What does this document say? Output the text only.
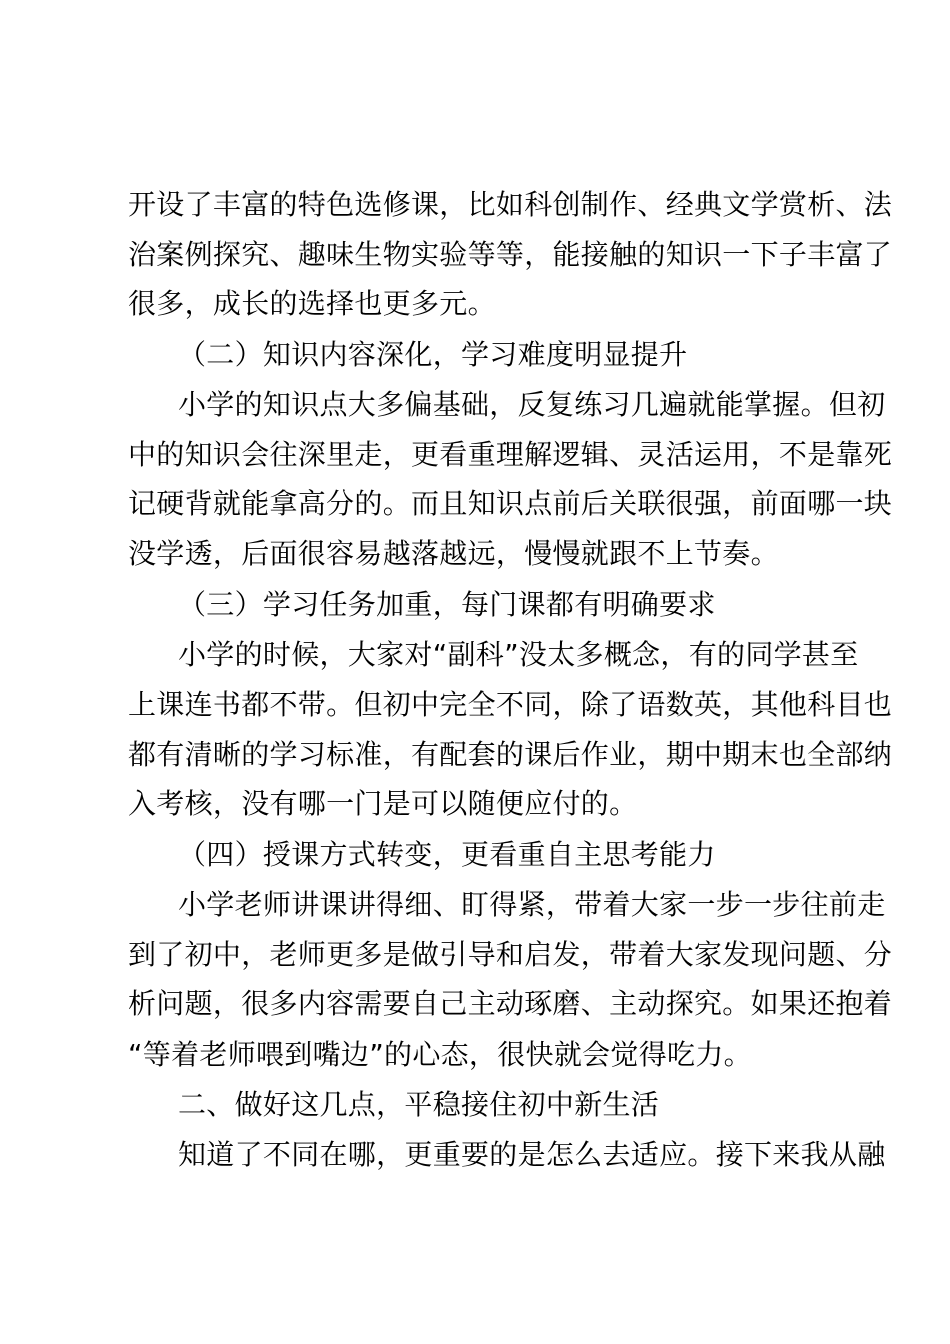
开设了丰富的特色选修课，比如科创制作、经典文学赏析、法
治案例探究、趣味生物实验等等，能接触的知识一下子丰富了
很多，成长的选择也更多元。
（二）知识内容深化，学习难度明显提升
小学的知识点大多偏基础，反复练习几遍就能掌握。但初
中的知识会往深里走，更看重理解逻辑、灵活运用，不是靠死
记硬背就能拿高分的。而且知识点前后关联很强，前面哪一块
没学透，后面很容易越落越远，慢慢就跟不上节奏。
（三）学习任务加重，每门课都有明确要求
小学的时候，大家对“副科”没太多概念，有的同学甚至
上课连书都不带。但初中完全不同，除了语数英，其他科目也
都有清晰的学习标准，有配套的课后作业，期中期末也全部纳
入考核，没有哪一门是可以随便应付的。
（四）授课方式转变，更看重自主思考能力
小学老师讲课讲得细、盯得紧，带着大家一步一步往前走
到了初中，老师更多是做引导和启发，带着大家发现问题、分
析问题，很多内容需要自己主动琢磨、主动探究。如果还抱着
“等着老师喂到嘴边”的心态，很快就会觉得吃力。
二、做好这几点，平稳接住初中新生活
知道了不同在哪，更重要的是怎么去适应。接下来我从融
